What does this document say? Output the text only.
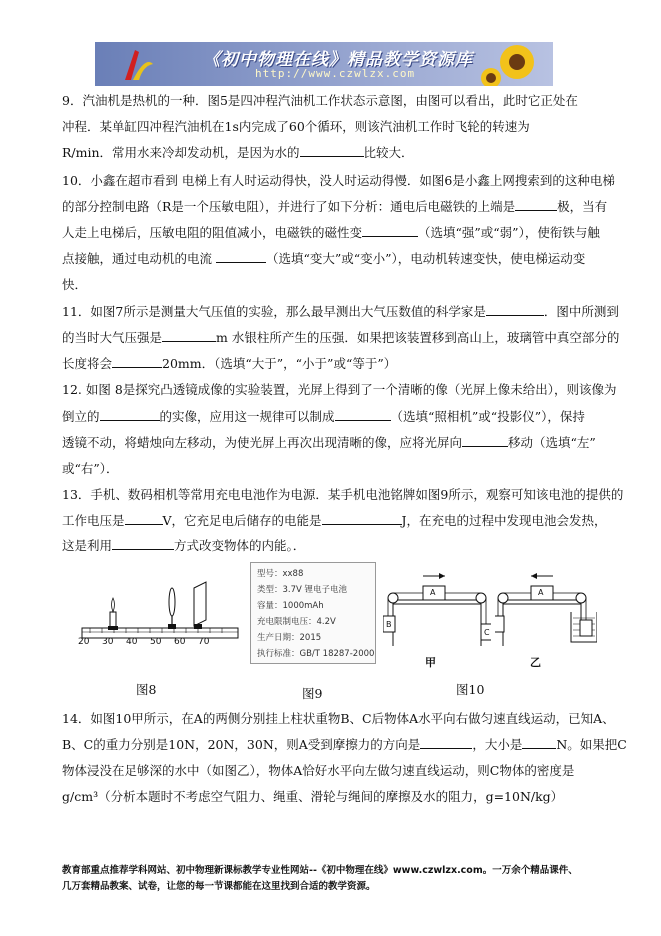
《初中物理在线》精品教学资源库
http://www.czwlzx.com
9．汽油机是热机的一种．图5是四冲程汽油机工作状态示意图，由图可以看出，此时它正处在
冲程．某单缸四冲程汽油机在1s内完成了60个循环，则该汽油机工作时飞轮的转速为
R/min．常用水来冷却发动机，是因为水的	比较大．
10．小鑫在超市看到 电梯上有人时运动得快，没人时运动得慢．如图6是小鑫上网搜索到的这种电梯
的部分控制电路（R是一个压敏电阻），并进行了如下分析：通电后电磁铁的上端是	极，当有
人走上电梯后，压敏电阻的阻值减小，电磁铁的磁性变	（选填“强”或“弱”），使衔铁与触
点接触，通过电动机的电流	（选填“变大”或“变小”），电动机转速变快，使电梯运动变
快．
11．如图7所示是测量大气压值的实验，那么最早测出大气压数值的科学家是	．图中所测到
的当时大气压强是	m 水银柱所产生的压强．如果把该装置移到高山上，玻璃管中真空部分的
长度将会	20mm．（选填“大于”，“小于”或“等于”）
12. 如图 8是探究凸透镜成像的实验装置，光屏上得到了一个清晰的像（光屏上像未给出），则该像为
倒立的	的实像，应用这一规律可以制成	（选填“照相机”或“投影仪”），保持
透镜不动，将蜡烛向左移动，为使光屏上再次出现清晰的像，应将光屏向	移动（选填“左”
或“右”）．
13．手机、数码相机等常用充电电池作为电源．某手机电池铭牌如图9所示，观察可知该电池的提供的
工作电压是	V，它充足电后储存的电能是	J，在充电的过程中发现电池会发热，
这是利用	方式改变物体的内能。．
20 30 40 50 60 70
图8
型号：xx88
类型：3.7V 锂电子电池
容量：1000mAh
充电限制电压：4.2V
生产日期：2015
执行标准：GB/T 18287-2000
图9
A
B
C
甲
A
乙
图10
14．如图10甲所示，在A的两侧分别挂上柱状重物B、C后物体A水平向右做匀速直线运动，已知A、
B、C的重力分别是10N，20N，30N，则A受到摩擦力的方向是	，大小是	N。如果把C
物体浸没在足够深的水中（如图乙），物体A恰好水平向左做匀速直线运动，则C物体的密度是
g/cm³（分析本题时不考虑空气阻力、绳重、滑轮与绳间的摩擦及水的阻力，g=10N/kg）
教育部重点推荐学科网站、初中物理新课标教学专业性网站--《初中物理在线》www.czwlzx.com。一万余个精品课件、
几万套精品教案、试卷，让您的每一节课都能在这里找到合适的教学资源。
